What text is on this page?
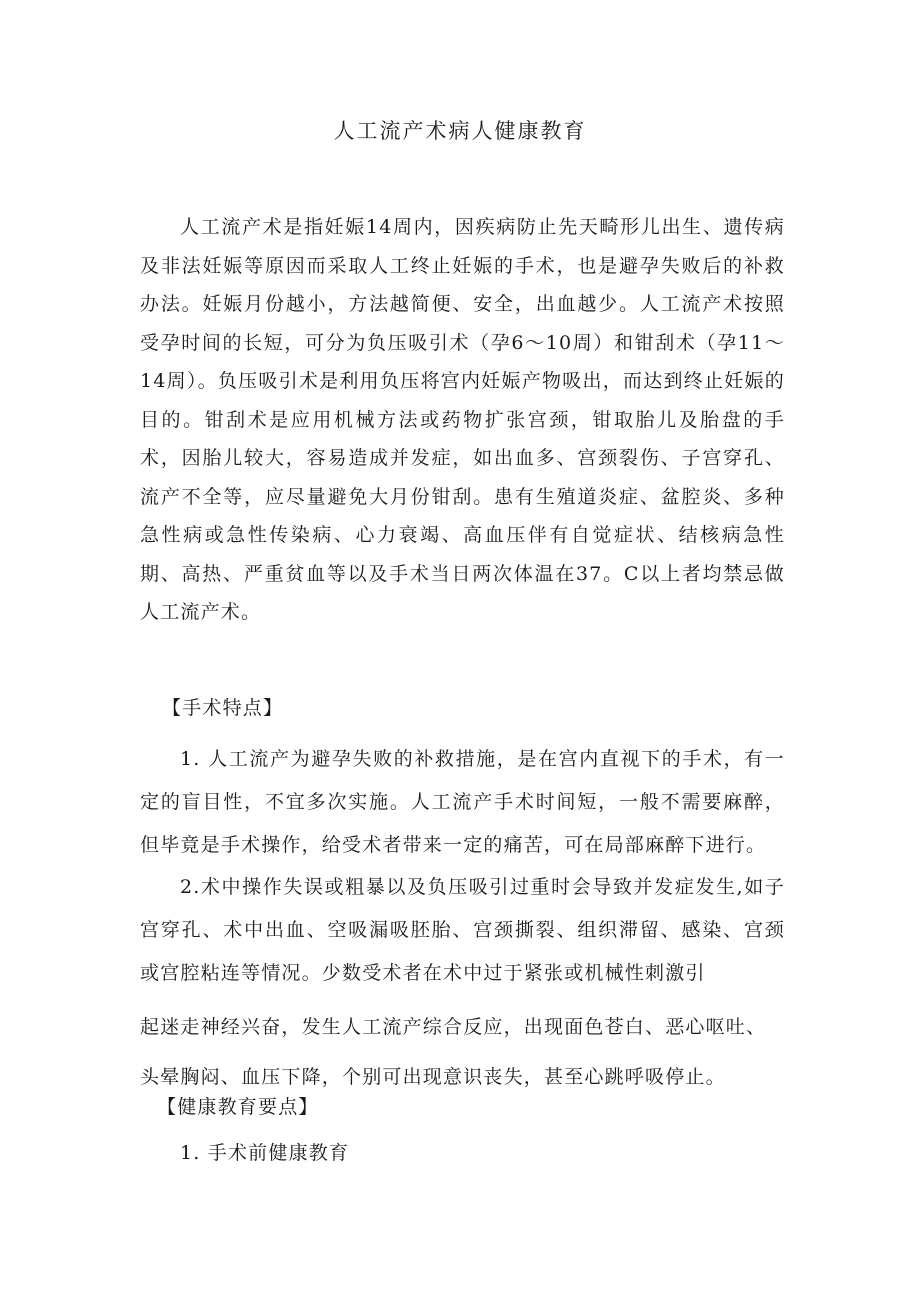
人工流产术病人健康教育

人工流产术是指妊娠14周内，因疾病防止先天畸形儿出生、遗传病及非法妊娠等原因而采取人工终止妊娠的手术，也是避孕失败后的补救办法。妊娠月份越小，方法越简便、安全，出血越少。人工流产术按照受孕时间的长短，可分为负压吸引术（孕6～10周）和钳刮术（孕11～14周）。负压吸引术是利用负压将宫内妊娠产物吸出，而达到终止妊娠的目的。钳刮术是应用机械方法或药物扩张宫颈，钳取胎儿及胎盘的手术，因胎儿较大，容易造成并发症，如出血多、宫颈裂伤、子宫穿孔、流产不全等，应尽量避免大月份钳刮。患有生殖道炎症、盆腔炎、多种急性病或急性传染病、心力衰竭、高血压伴有自觉症状、结核病急性期、高热、严重贫血等以及手术当日两次体温在37。C以上者均禁忌做人工流产术。

【手术特点】

1. 人工流产为避孕失败的补救措施，是在宫内直视下的手术，有一定的盲目性，不宜多次实施。人工流产手术时间短，一般不需要麻醉，但毕竟是手术操作，给受术者带来一定的痛苦，可在局部麻醉下进行。

2.术中操作失误或粗暴以及负压吸引过重时会导致并发症发生,如子宫穿孔、术中出血、空吸漏吸胚胎、宫颈撕裂、组织滞留、感染、宫颈或宫腔粘连等情况。少数受术者在术中过于紧张或机械性刺激引

起迷走神经兴奋，发生人工流产综合反应，出现面色苍白、恶心呕吐、

头晕胸闷、血压下降，个别可出现意识丧失，甚至心跳呼吸停止。

【健康教育要点】

1. 手术前健康教育
